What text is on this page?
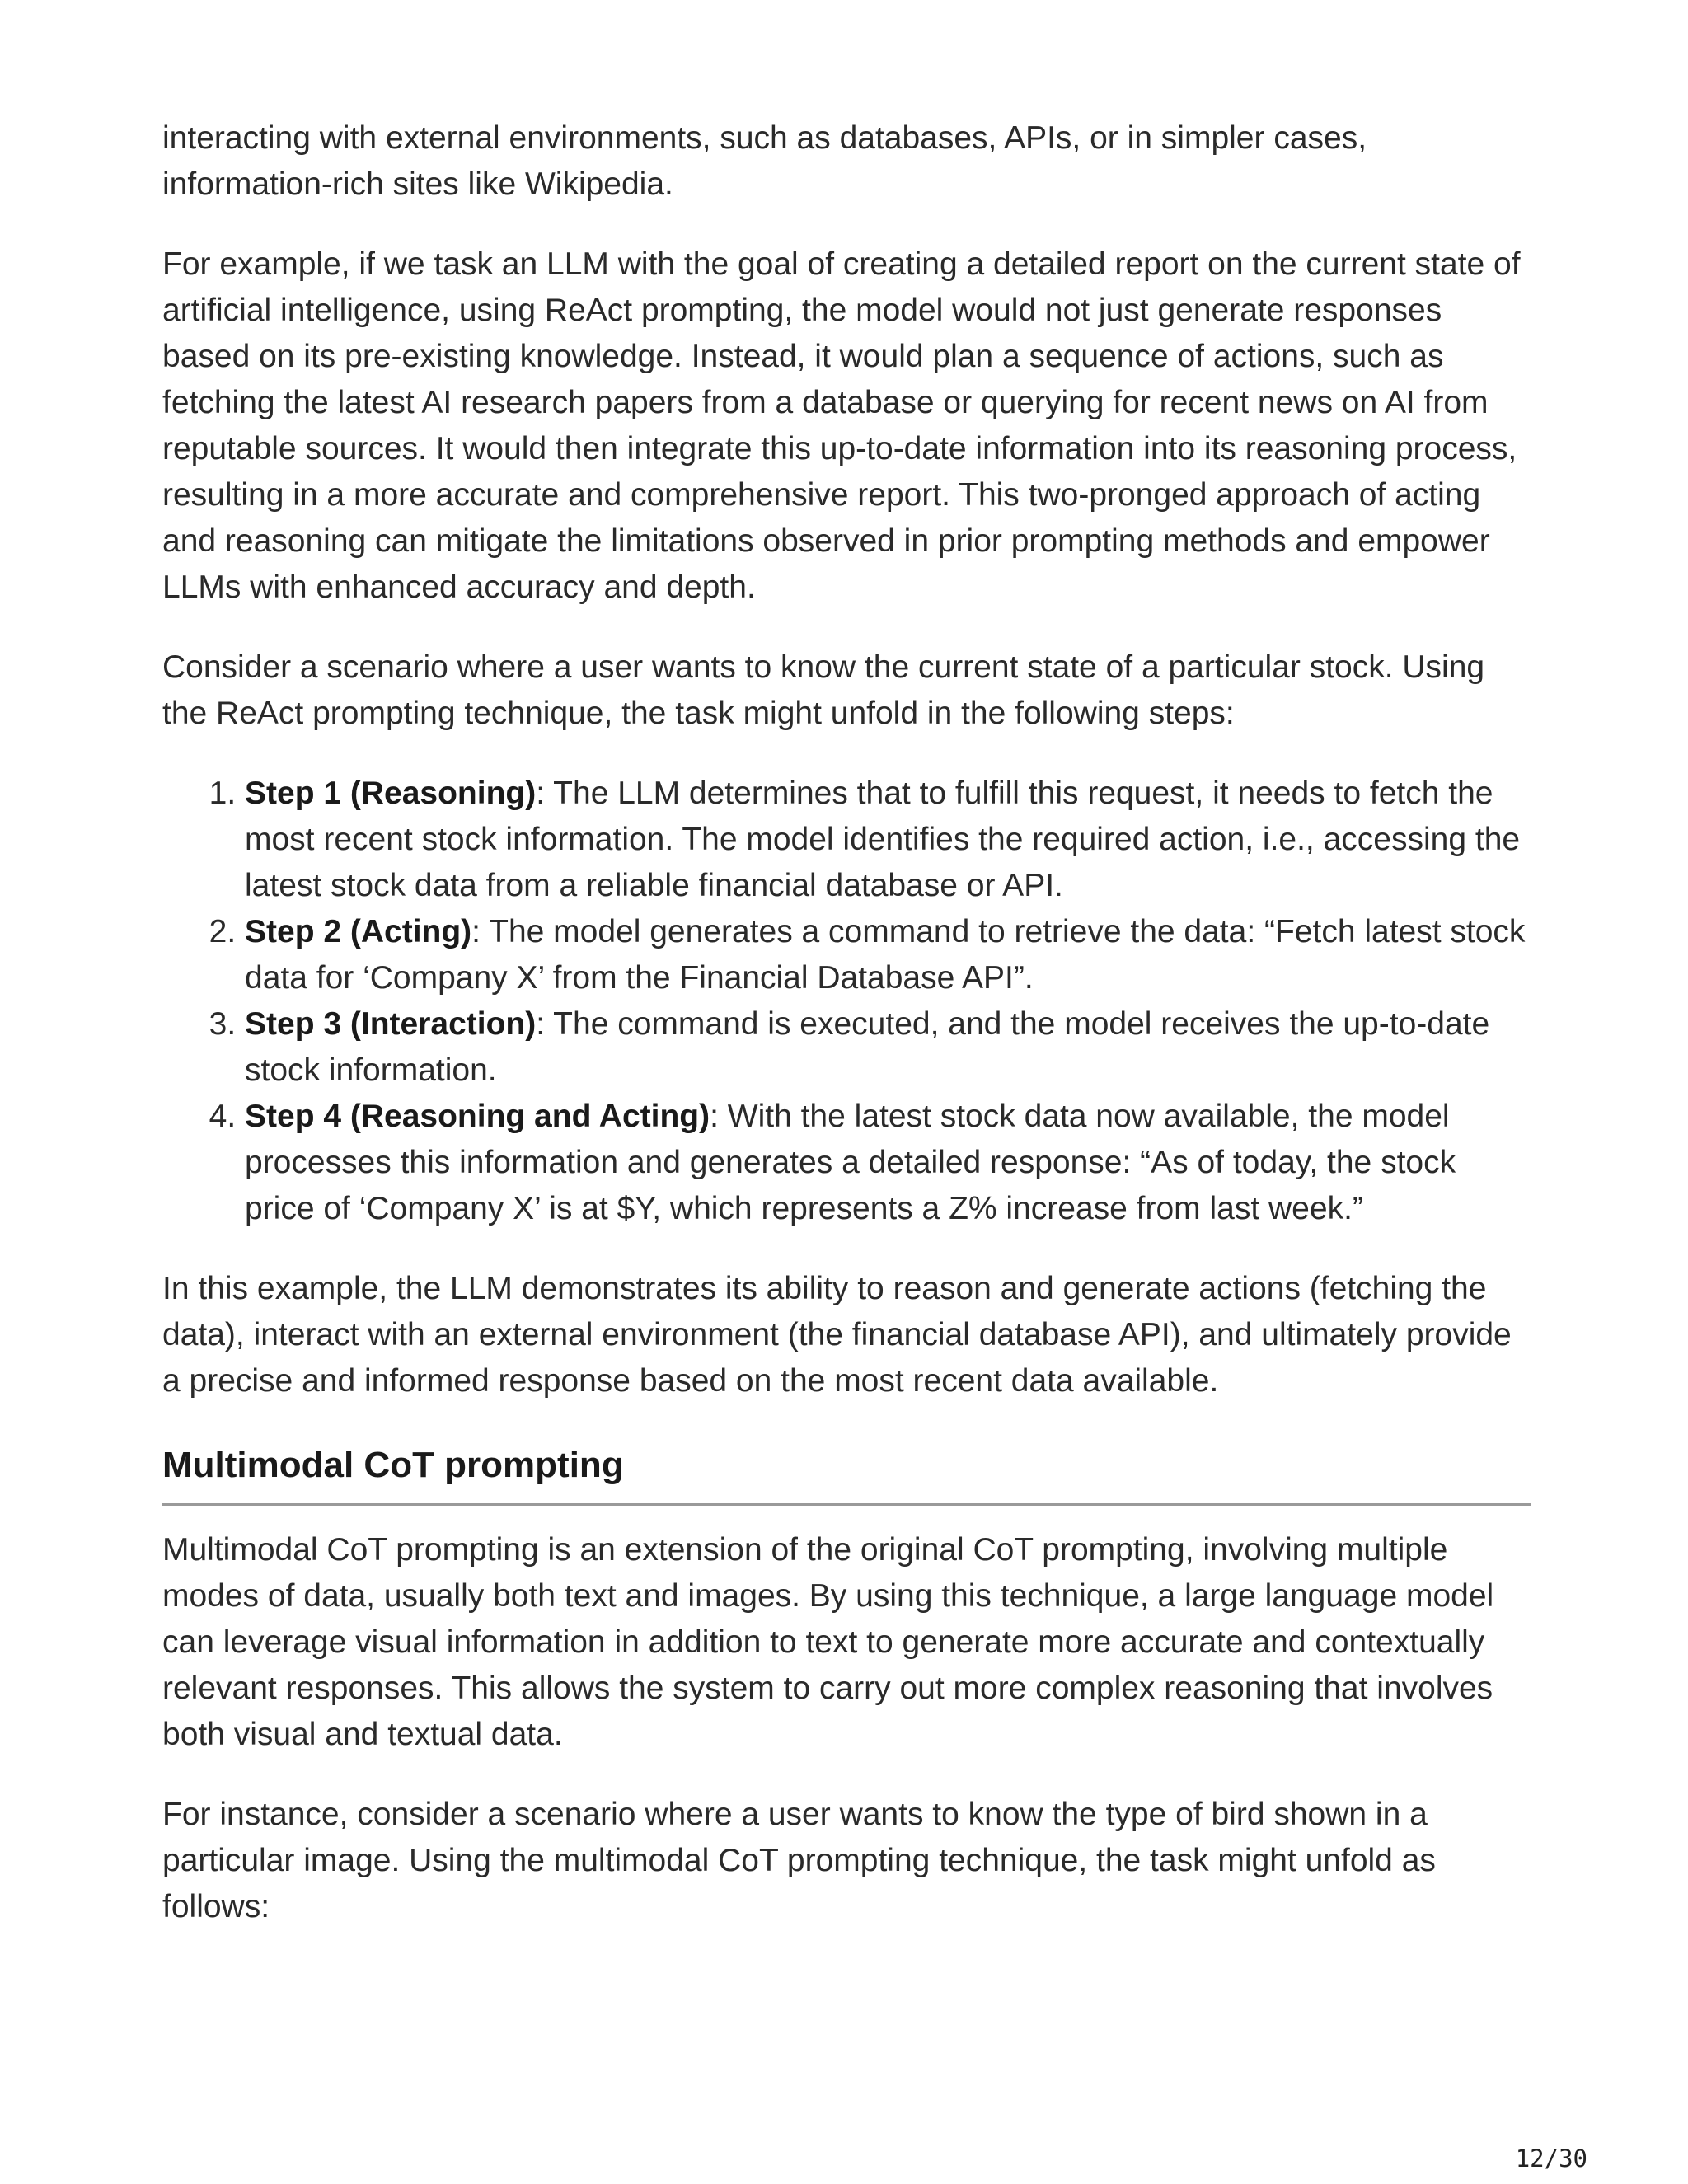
interacting with external environments, such as databases, APIs, or in simpler cases, information-rich sites like Wikipedia.

For example, if we task an LLM with the goal of creating a detailed report on the current state of artificial intelligence, using ReAct prompting, the model would not just generate responses based on its pre-existing knowledge. Instead, it would plan a sequence of actions, such as fetching the latest AI research papers from a database or querying for recent news on AI from reputable sources. It would then integrate this up-to-date information into its reasoning process, resulting in a more accurate and comprehensive report. This two-pronged approach of acting and reasoning can mitigate the limitations observed in prior prompting methods and empower LLMs with enhanced accuracy and depth.

Consider a scenario where a user wants to know the current state of a particular stock. Using the ReAct prompting technique, the task might unfold in the following steps:

1. Step 1 (Reasoning): The LLM determines that to fulfill this request, it needs to fetch the most recent stock information. The model identifies the required action, i.e., accessing the latest stock data from a reliable financial database or API.
2. Step 2 (Acting): The model generates a command to retrieve the data: “Fetch latest stock data for ‘Company X’ from the Financial Database API”.
3. Step 3 (Interaction): The command is executed, and the model receives the up-to-date stock information.
4. Step 4 (Reasoning and Acting): With the latest stock data now available, the model processes this information and generates a detailed response: “As of today, the stock price of ‘Company X’ is at $Y, which represents a Z% increase from last week.”

In this example, the LLM demonstrates its ability to reason and generate actions (fetching the data), interact with an external environment (the financial database API), and ultimately provide a precise and informed response based on the most recent data available.

Multimodal CoT prompting

Multimodal CoT prompting is an extension of the original CoT prompting, involving multiple modes of data, usually both text and images. By using this technique, a large language model can leverage visual information in addition to text to generate more accurate and contextually relevant responses. This allows the system to carry out more complex reasoning that involves both visual and textual data.

For instance, consider a scenario where a user wants to know the type of bird shown in a particular image. Using the multimodal CoT prompting technique, the task might unfold as follows:

12/30
